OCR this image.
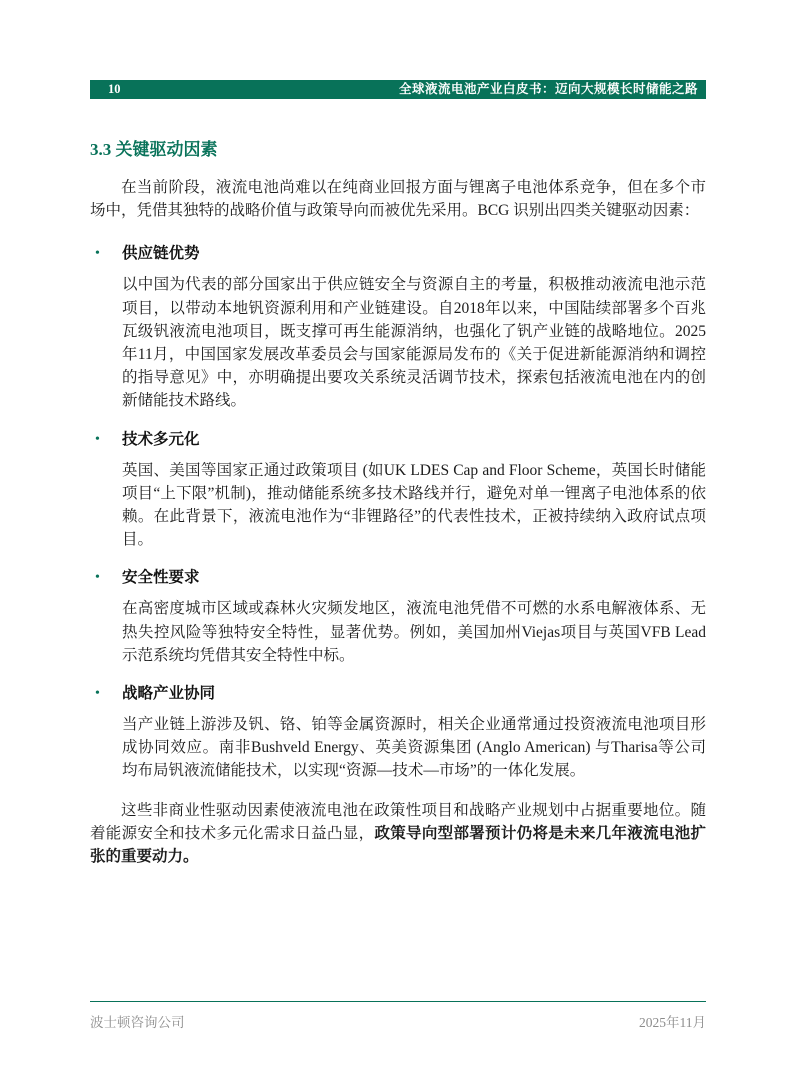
10	全球液流电池产业白皮书：迈向大规模长时储能之路
3.3 关键驱动因素

在当前阶段，液流电池尚难以在纯商业回报方面与锂离子电池体系竞争，但在多个市场中，凭借其独特的战略价值与政策导向而被优先采用。BCG 识别出四类关键驱动因素：

• 供应链优势

以中国为代表的部分国家出于供应链安全与资源自主的考量，积极推动液流电池示范项目，以带动本地钒资源利用和产业链建设。自2018年以来，中国陆续部署多个百兆瓦级钒液流电池项目，既支撑可再生能源消纳，也强化了钒产业链的战略地位。2025年11月，中国国家发展改革委员会与国家能源局发布的《关于促进新能源消纳和调控的指导意见》中，亦明确提出要攻关系统灵活调节技术，探索包括液流电池在内的创新储能技术路线。

• 技术多元化

英国、美国等国家正通过政策项目 (如UK LDES Cap and Floor Scheme，英国长时储能项目“上下限”机制)，推动储能系统多技术路线并行，避免对单一锂离子电池体系的依赖。在此背景下，液流电池作为“非锂路径”的代表性技术，正被持续纳入政府试点项目。

• 安全性要求

在高密度城市区域或森林火灾频发地区，液流电池凭借不可燃的水系电解液体系、无热失控风险等独特安全特性，显著优势。例如，美国加州Viejas项目与英国VFB Lead示范系统均凭借其安全特性中标。

• 战略产业协同

当产业链上游涉及钒、铬、铂等金属资源时，相关企业通常通过投资液流电池项目形成协同效应。南非Bushveld Energy、英美资源集团 (Anglo American) 与Tharisa等公司均布局钒液流储能技术，以实现“资源—技术—市场”的一体化发展。

这些非商业性驱动因素使液流电池在政策性项目和战略产业规划中占据重要地位。随着能源安全和技术多元化需求日益凸显，政策导向型部署预计仍将是未来几年液流电池扩张的重要动力。

波士顿咨询公司	2025年11月
